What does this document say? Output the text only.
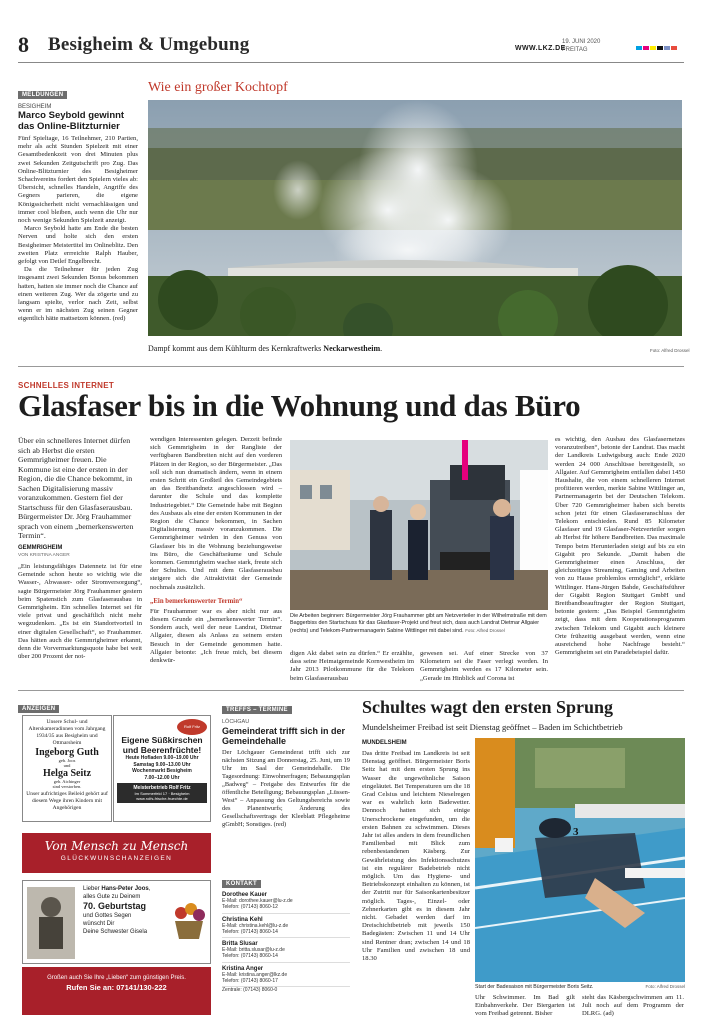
8 Besigheim & Umgebung	WWW.LKZ.DE
19. JUNI 2020
FREITAG
MELDUNGEN
BESIGHEIM
Marco Seybold gewinnt das Online-Blitzturnier

Fünf Spieltage, 16 Teilnehmer, 210 Partien, mehr als acht Stunden Spielzeit mit einer Gesamtbedenkzeit von drei Minuten plus zwei Sekunden Zeitgutschrift pro Zug. Das Online-Blitzturnier des Besigheimer Schachvereins fordert den Spielern vieles ab: Übersicht, schnelles Handeln, Angriffe des Gegners parieren, die eigene Königssicherheit nicht vernachlässigen und immer cool bleiben, auch wenn die Uhr nur noch wenige Sekunden Spielzeit anzeigt.

Marco Seybold hatte am Ende die besten Nerven und holte sich den ersten Besigheimer Meistertitel im Onlineblitz. Den zweiten Platz errreichte Ralph Hauber, gefolgt von Detlef Engelbrecht.

Da die Teilnehmer für jeden Zug insgesamt zwei Sekunden Bonus bekommen hatten, hatten sie immer noch die Chance auf einen weiteren Zug. Wer da zögerte und zu langsam spielte, verlor nach Zeit, selbst wenn er im nächsten Zug seinen Gegner eigentlich hätte mattsetzen können. (red)

Wie ein großer Kochtopf
Dampf kommt aus dem Kühlturm des Kernkraftwerks Neckarwestheim.	Foto: Alfred Drossel
SCHNELLES INTERNET
Glasfaser bis in die Wohnung und das Büro
Über ein schnelleres Internet dürfen sich ab Herbst die ersten Gemmrigheimer freuen. Die Kommune ist eine der ersten in der Region, die die Chance bekommt, in Sachen Digitalisierung massiv voranzukommen. Gestern fiel der Startschuss für den Glasfaserausbau. Bürgermeister Dr. Jörg Frauhammer sprach von einem „bemerkenswerten Termin“.
GEMMRIGHEIM
VON KRISTINA ANGER
„Ein leistungsfähiges Datennetz ist für eine Gemeinde schon heute so wichtig wie die Wasser-, Abwasser- oder Stromversorgung“, sagte Bürgermeister Jörg Frauhammer gestern beim Spatenstich zum Glasfaserausbau in Gemmrigheim. Ein schnelles Internet sei für viele privat und geschäftlich nicht mehr wegzudenken. „Es ist ein Standortvorteil in einer digitalen Gesellschaft“, so Frauhammer. Das hätten auch die Gemmrigheimer erkannt, denn die Vorvermarktungsquote habe bei weit über 200 Prozent der not-

wendigen Interessenten gelegen. Derzeit befinde sich Gemmrigheim in der Rangliste der verfügbaren Bandbreiten nicht auf den vorderen Plätzen in der Region, so der Bürgermeister. „Das soll sich nun dramatisch ändern, wenn in einem ersten Schritt ein Großteil des Gemeindegebiets an das Breitbandnetz angeschlossen wird – darunter die Schule und das komplette Industriegebiet.“ Die Gemeinde habe mit Beginn des Ausbaus als eine der ersten Kommunen in der Region die Chance bekommen, in Sachen Digitalisierung massiv voranzukommen. Die Gemmrigheimer würden in den Genuss von Glasfaser bis in die Wohnung beziehungsweise ins Büro, die Geschäftsräume und Schule kommen. Gemmrigheim wachse stark, freute sich der Schultes. Und mit dem Glasfaserausbau steigere sich die Attraktivität der Gemeinde nochmals zusätzlich.

„Ein bemerkenswerter Termin“

Für Frauhammer war es aber nicht nur aus diesem Grunde ein „bemerkenswerter Termin“. Sondern auch, weil der neue Landrat, Dietmar Allgaier, diesen als Anlass zu seinem ersten Besuch in der Gemeinde genommen hatte. Allgaier betonte: „Ich freue mich, bei diesem denkwür-

Die Arbeiten beginnen: Bürgermeister Jörg Frauhammer gibt am Netzverteiler in der Wilhelmstraße mit dem Baggerbiss den Startschuss für das Glasfaser-Projekt und freut sich, dass auch Landrat Dietmar Allgaier (rechts) und Telekom-Partnermanagerin Sabine Wittlinger mit dabei sind. Foto: Alfred Drossel
digen Akt dabei sein zu dürfen.“ Er erzählte, dass seine Heimatgemeinde Kornwestheim im Jahr 2013 Pilotkommune für die Telekom beim Glasfaserausbau
gewesen sei. Auf einer Strecke von 37 Kilometern sei die Faser verlegt worden. In Gemmrigheim werden es 17 Kilometer sein. „Gerade im Hinblick auf Corona ist
es wichtig, den Ausbau des Glasfasernetzes voranzutreiben“, betonte der Landrat. Das macht der Landkreis Ludwigsburg auch: Ende 2020 werden 24 000 Anschlüsse bereitgestellt, so Allgaier. Auf Gemmrigheim entfallen dabei 1450 Haushalte, die von einem schnelleren Internet profitieren werden, merkte Sabine Wittlinger an, Partnermanagerin bei der Deutschen Telekom. Über 720 Gemmrigheimer haben sich bereits schon jetzt für einen Glasfaseranschluss der Telekom entschieden. Rund 85 Kilometer Glasfaser und 19 Glasfaser-Netzverteiler sorgen ab Herbst für höhere Bandbreiten. Das maximale Tempo beim Herunterladen steigt auf bis zu ein Gigabit pro Sekunde. „Damit haben die Gemmrigheimer einen Anschluss, der gleichzeitiges Streaming, Gaming und Arbeiten von zu Hause problemlos ermöglicht“, erklärte Wittlinger. Hans-Jürgen Bahde, Geschäftsführer der Gigabit Region Stuttgart GmbH und Breitbandbeauftragter der Region Stuttgart, betonte gestern: „Das Beispiel Gemmrigheim zeigt, dass mit dem Kooperationsprogramm zwischen Telekom und Gigabit auch kleinere Orte frühzeitig ausgebaut werden, wenn eine ausreichend hohe Nachfrage besteht.“ Gemmrigheim sei ein Paradebeispiel dafür.
ANZEIGEN
Unsere Schul- und Alterskameradinnen vom Jahrgang 1934/35 aus Besigheim und Ottmarsheim
Ingeborg Guth
geb. Joos
und
Helga Seitz
geb. Aichinger
sind verstorben.
Unser aufrichtiges Beileid gehört auf diesem Wege ihren Kindern mit Angehörigen
Rolf Fritz
Eigene Süßkirschen und Beerenfrüchte!
Heute Hofladen 9.00–19.00 Uhr
Samstag 9.00–13.00 Uhr
Wochenmarkt Besigheim
7.00–12.00 Uhr
Meisterbetrieb Rolf Fritz
Im Sommerfeld 17 · Besigheim
www.rolfs-frische-fruechte.de
Von Mensch zu Mensch
GLÜCKWUNSCHANZEIGEN
Lieber Hans-Peter Joos,
alles Gute zu Deinem
70. Geburtstag
und Gottes Segen
wünscht Dir
Deine Schwester Gisela
Großen auch Sie Ihre „Lieben“ zum günstigen Preis.
Rufen Sie an: 07141/130-222
TREFFS – TERMINE
LÖCHGAU
Gemeinderat trifft sich in der Gemeindehalle

Der Löchgauer Gemeinderat trifft sich zur nächsten Sitzung am Donnerstag, 25. Juni, um 19 Uhr im Saal der Gemeindehalle. Die Tagesordnung: Einwohnerfragen; Bebauungsplan „Badweg“ – Freigabe des Entwurfes für die öffentliche Beteiligung; Bebauungsplan „Lüssen-West“ – Anpassung des Geltungsbereichs sowie des Planentwurfs; Änderung des Gesellschaftsvertrags der Kleeblatt Pflegeheime gGmbH; Sonstiges. (red)

KONTAKT
Dorothee Kauer
E-Mail: dorothee.kauer@lu-z.de
Telefon: (07143) 8060-12
Christina Kehl
E-Mail: christina.kehl@lu-z.de
Telefon: (07143) 8060-14
Britta Slusar
E-Mail: britta.slusar@lu-z.de
Telefon: (07143) 8060-14
Kristina Anger
E-Mail: kristina.anger@lkz.de
Telefon: (07143) 8060-17
Zentrale: (07143) 8060-0
Schultes wagt den ersten Sprung
Mundelsheimer Freibad ist seit Dienstag geöffnet – Baden im Schichtbetrieb
MUNDELSHEIM
Das dritte Freibad im Landkreis ist seit Dienstag geöffnet. Bürgermeister Boris Seitz hat mit dem ersten Sprung ins Wasser die ungewöhnliche Saison eingeläutet. Bei Temperaturen um die 18 Grad Celsius und leichtem Nieselregen war es wahrlich kein Badewetter. Dennoch hatten sich einige Unerschrockene eingefunden, um die ersten Bahnen zu schwimmen. Dieses Jahr ist alles anders in dem freundlichen Familienbad mit Blick zum rebenbestandenen Käsberg. Zur Gewährleistung des Infektionsschutzes ist ein regulärer Badebetrieb nicht möglich. Um das Hygiene- und Betriebskonzept einhalten zu können, ist der Zutritt nur für Saisonkartenbesitzer möglich. Tages-, Einzel- oder Zehnerkarten gibt es in diesem Jahr nicht. Gebadet werden darf im Dreischichtbetrieb mit jeweils 150 Badegästen: Zwischen 11 und 14 Uhr sind Rentner dran; zwischen 14 und 18 Uhr Familien und zwischen 18 und 18.30
3
Start der Badesaison mit Bürgermeister Boris Seitz.	Foto: Alfred Drossel
Uhr Schwimmer. Im Bad gilt Einbahnverkehr. Der Biergarten ist vom Freibad getrennt. Bisher
steht das Käsbergschwimmen am 11. Juli noch auf dem Programm der DLRG. (ad)
